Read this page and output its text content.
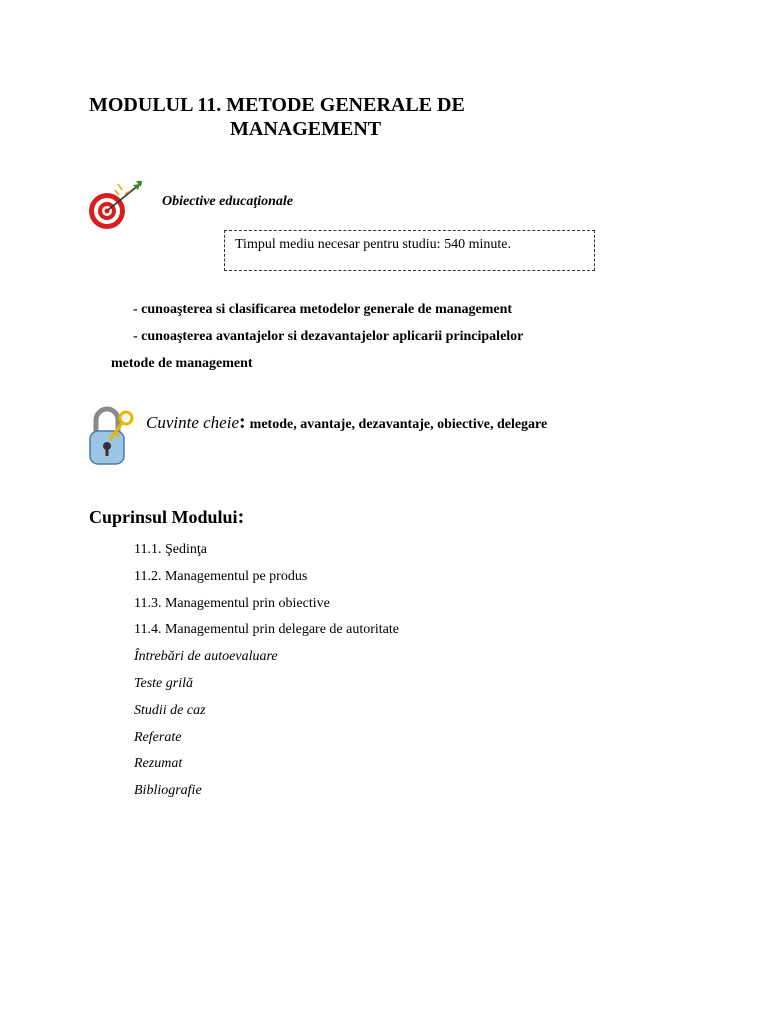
MODULUL 11. METODE GENERALE DE
MANAGEMENT
Obiective educaţionale
Timpul mediu necesar pentru studiu: 540 minute.
- cunoaşterea si clasificarea metodelor generale de management
- cunoaşterea avantajelor si dezavantajelor aplicarii principalelor
metode de management
Cuvinte cheie: metode, avantaje, dezavantaje, obiective, delegare
Cuprinsul Modului:
11.1. Şedinţa
11.2. Managementul pe produs
11.3. Managementul prin obiective
11.4. Managementul prin delegare de autoritate
Întrebări de autoevaluare
Teste grilă
Studii de caz
Referate
Rezumat
Bibliografie
